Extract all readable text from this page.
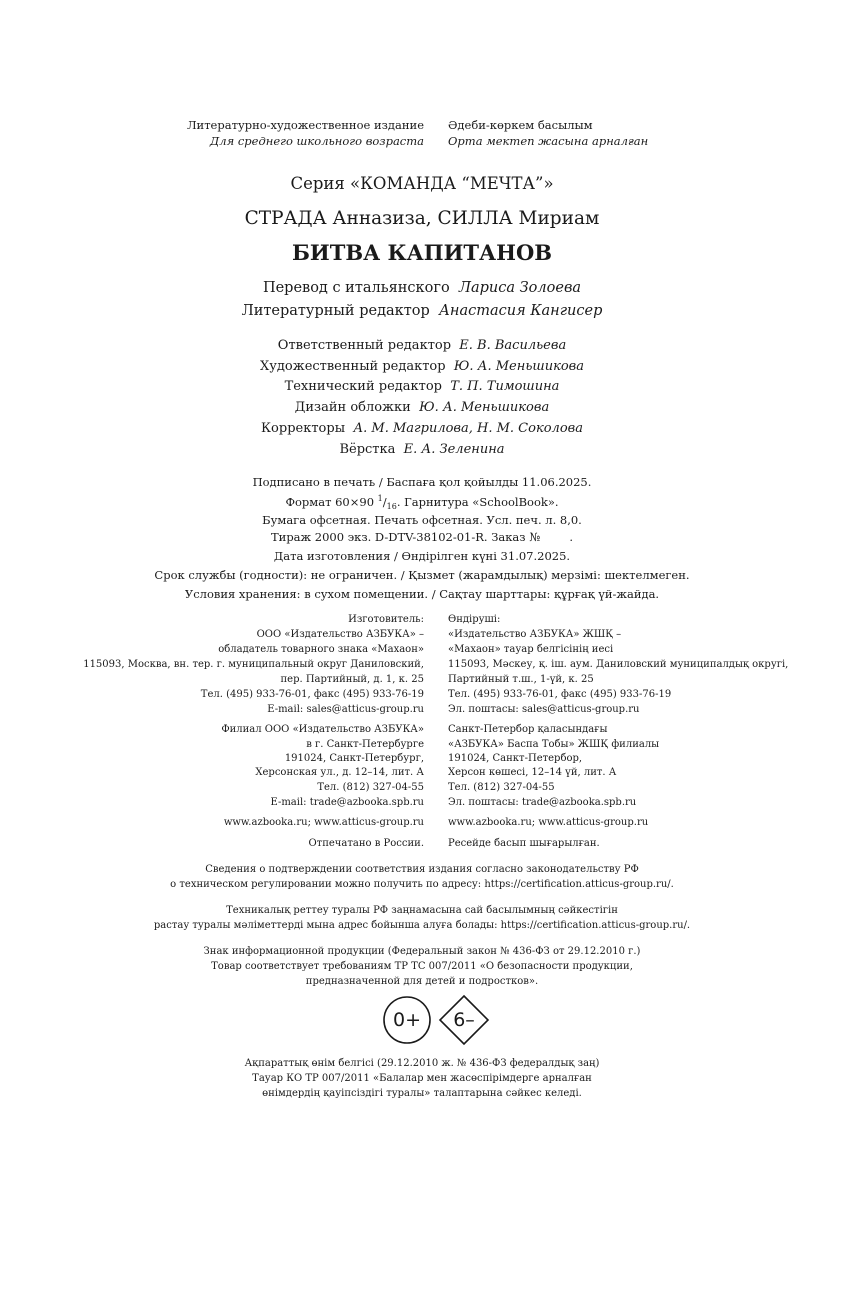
Литературно-художественное издание
Для среднего школьного возраста
Әдеби-көркем басылым
Орта мектеп жасына арналған
Серия «КОМАНДА “МЕЧТА”»
СТРАДА Анназиза, СИЛЛА Мириам
БИТВА КАПИТАНОВ
Перевод с итальянского Лариса Золоева
Литературный редактор Анастасия Кангисер
Ответственный редактор Е. В. Васильева
Художественный редактор Ю. А. Меньшикова
Технический редактор Т. П. Тимошина
Дизайн обложки Ю. А. Меньшикова
Корректоры А. М. Магрилова, Н. М. Соколова
Вёрстка Е. А. Зеленина
Подписано в печать / Баспаға қол қойылды 11.06.2025.
Формат 60×90 $^1/_{16}$. Гарнитура «SchoolBook».
Бумага офсетная. Печать офсетная. Усл. печ. л. 8,0.
Тираж 2000 экз. D-DTV-38102-01-R. Заказ №        .
Дата изготовления / Өндірілген күні 31.07.2025.
Срок службы (годности): не ограничен. / Қызмет (жарамдылық) мерзімі: шектелмеген.
Условия хранения: в сухом помещении. / Сақтау шарттары: құрғақ үй-жайда.
Изготовитель:
ООО «Издательство АЗБУКА» –
обладатель товарного знака «Махаон»
115093, Москва, вн. тер. г. муниципальный округ Даниловский,
пер. Партийный, д. 1, к. 25
Тел. (495) 933-76-01, факс (495) 933-76-19
E-mail: sales@atticus-group.ru
Өндіруші:
«Издательство АЗБУКА» ЖШҚ –
«Махаон» тауар белгісінің иесі
115093, Мәскеу, қ. іш. аум. Даниловский муниципалдық округі,
Партийный т.ш., 1-үй, к. 25
Тел. (495) 933-76-01, факс (495) 933-76-19
Эл. поштасы: sales@atticus-group.ru
Филиал ООО «Издательство АЗБУКА»
в г. Санкт-Петербурге
191024, Санкт-Петербург,
Херсонская ул., д. 12–14, лит. А
Тел. (812) 327-04-55
E-mail: trade@azbooka.spb.ru
Санкт-Петербор қаласындағы
«АЗБУКА» Баспа Тобы» ЖШҚ филиалы
191024, Санкт-Петербор,
Херсон көшесі, 12–14 үй, лит. А
Тел. (812) 327-04-55
Эл. поштасы: trade@azbooka.spb.ru
www.azbooka.ru; www.atticus-group.ru www.azbooka.ru; www.atticus-group.ru
Отпечатано в России. Ресейде басып шығарылған.
Сведения о подтверждении соответствия издания согласно законодательству РФ
о техническом регулировании можно получить по адресу: https://certification.atticus-group.ru/.
Техникалық реттеу туралы РФ заңнамасына сай басылымның сәйкестігін
растау туралы мәліметтерді мына адрес бойынша алуға болады: https://certification.atticus-group.ru/.
Знак информационной продукции (Федеральный закон № 436-ФЗ от 29.12.2010 г.)
Товар соответствует требованиям ТР ТС 007/2011 «О безопасности продукции,
предназначенной для детей и подростков».
0+	6–
Ақпараттық өнім белгісі (29.12.2010 ж. № 436-ФЗ федералдық заң)
Тауар КО ТР 007/2011 «Балалар мен жасөспірімдерге арналған
өнімдердің қауіпсіздігі туралы» талаптарына сәйкес келеді.
